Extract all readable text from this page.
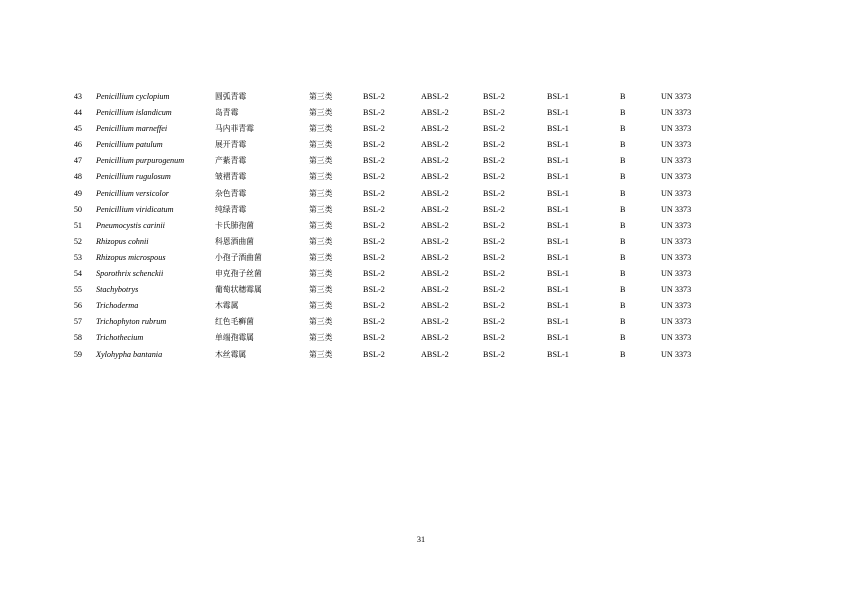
43 Penicillium cyclopium	圆弧青霉	第三类	BSL-2	ABSL-2	BSL-2	BSL-1	B	UN 3373
44 Penicillium islandicum	岛青霉	第三类	BSL-2	ABSL-2	BSL-2	BSL-1	B	UN 3373
45 Penicillium marneffei	马内菲青霉	第三类	BSL-2	ABSL-2	BSL-2	BSL-1	B	UN 3373
46 Penicillium patulum	展开青霉	第三类	BSL-2	ABSL-2	BSL-2	BSL-1	B	UN 3373
47 Penicillium purpurogenum	产紫青霉	第三类	BSL-2	ABSL-2	BSL-2	BSL-1	B	UN 3373
48 Penicillium rugulosum	皱褶青霉	第三类	BSL-2	ABSL-2	BSL-2	BSL-1	B	UN 3373
49 Penicillium versicolor	杂色青霉	第三类	BSL-2	ABSL-2	BSL-2	BSL-1	B	UN 3373
50 Penicillium viridicatum	纯绿青霉	第三类	BSL-2	ABSL-2	BSL-2	BSL-1	B	UN 3373
51 Pneumocystis carinii	卡氏肺孢菌	第三类	BSL-2	ABSL-2	BSL-2	BSL-1	B	UN 3373
52 Rhizopus cohnii	科恩酒曲菌	第三类	BSL-2	ABSL-2	BSL-2	BSL-1	B	UN 3373
53 Rhizopus microspous	小孢子酒曲菌	第三类	BSL-2	ABSL-2	BSL-2	BSL-1	B	UN 3373
54 Sporothrix schenckii	申克孢子丝菌	第三类	BSL-2	ABSL-2	BSL-2	BSL-1	B	UN 3373
55 Stachybotrys	葡萄状穗霉属	第三类	BSL-2	ABSL-2	BSL-2	BSL-1	B	UN 3373
56 Trichoderma	木霉属	第三类	BSL-2	ABSL-2	BSL-2	BSL-1	B	UN 3373
57 Trichophyton rubrum	红色毛癣菌	第三类	BSL-2	ABSL-2	BSL-2	BSL-1	B	UN 3373
58 Trichothecium	单端孢霉属	第三类	BSL-2	ABSL-2	BSL-2	BSL-1	B	UN 3373
59 Xylohypha bantania	木丝霉属	第三类	BSL-2	ABSL-2	BSL-2	BSL-1	B	UN 3373
31
